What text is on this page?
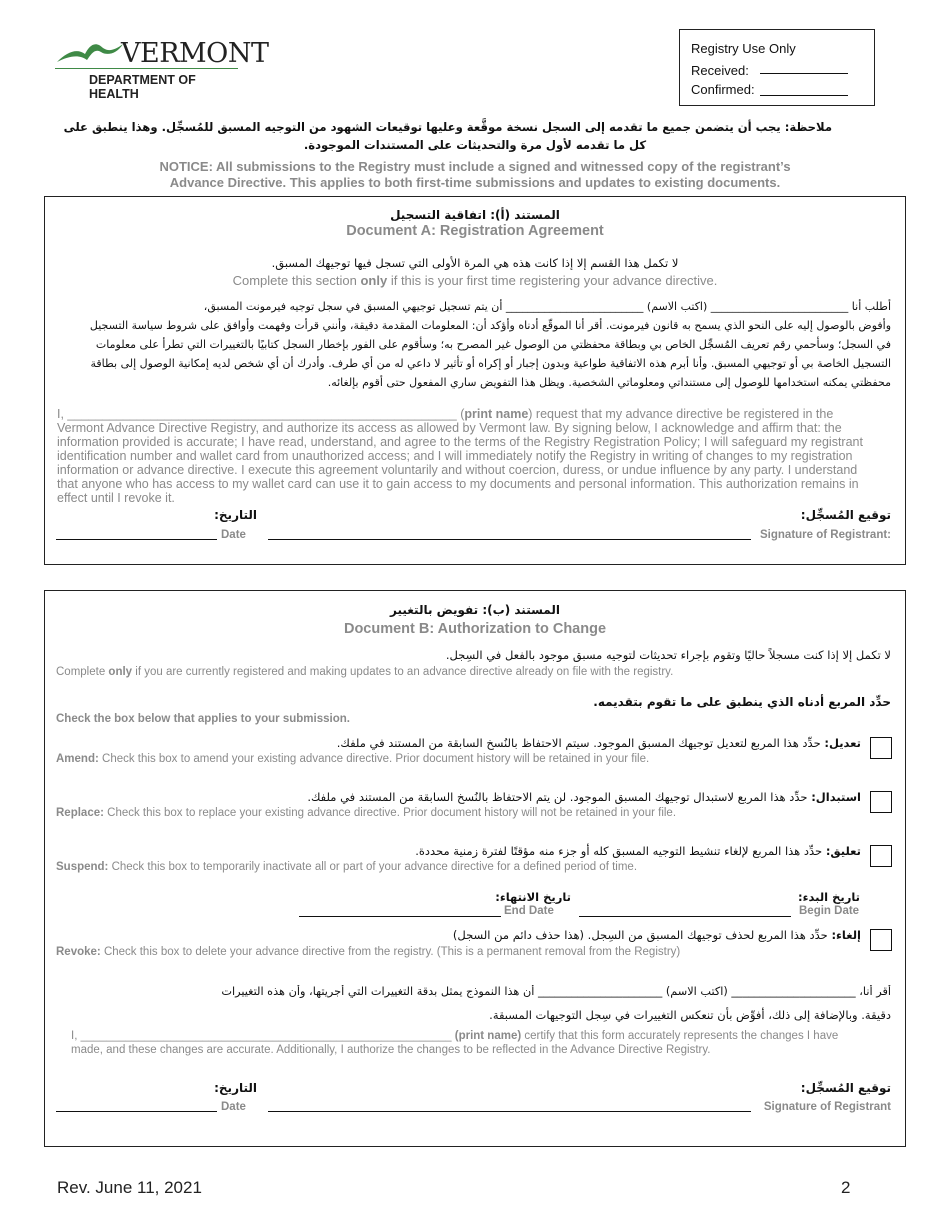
VERMONT
DEPARTMENT OF HEALTH
Registry Use Only
Received:
Confirmed:
ملاحظة: يجب أن يتضمن جميع ما تقدمه إلى السجل نسخة موقَّعة وعليها توقيعات الشهود من التوجيه المسبق للمُسجِّل. وهذا ينطبق على
كل ما تقدمه لأول مرة والتحديثات على المستندات الموجودة.
NOTICE: All submissions to the Registry must include a signed and witnessed copy of the registrant’s
Advance Directive. This applies to both first-time submissions and updates to existing documents.
المستند (أ): اتفاقية التسجيل
Document A: Registration Agreement
لا تكمل هذا القسم إلا إذا كانت هذه هي المرة الأولى التي تسجل فيها توجيهك المسبق.
Complete this section only if this is your first time registering your advance directive.
أطلب أنا _________________________ (اكتب الاسم) _________________________ أن يتم تسجيل توجيهي المسبق في سجل توجيه فيرمونت المسبق،
وأفوض بالوصول إليه على النحو الذي يسمح به قانون فيرمونت. أقر أنا الموقّع أدناه وأؤكد أن: المعلومات المقدمة دقيقة، وأنني قرأت وفهمت وأوافق على شروط سياسة التسجيل
في السجل؛ وسأحمي رقم تعريف المُسجِّل الخاص بي وبطاقة محفظتي من الوصول غير المصرح به؛ وسأقوم على الفور بإخطار السجل كتابيًا بالتغييرات التي تطرأ على معلومات
التسجيل الخاصة بي أو توجيهي المسبق. وأنا أبرم هذه الاتفاقية طواعية وبدون إجبار أو إكراه أو تأثير لا داعي له من أي طرف. وأدرك أن أي شخص لديه إمكانية الوصول إلى بطاقة
محفظتي يمكنه استخدامها للوصول إلى مستنداتي ومعلوماتي الشخصية. ويظل هذا التفويض ساري المفعول حتى أقوم بإلغائه.
I, ________________________________________________________ (print name) request that my advance directive be registered in the Vermont Advance Directive Registry, and authorize its access as allowed by Vermont law. By signing below, I acknowledge and affirm that: the information provided is accurate; I have read, understand, and agree to the terms of the Registry Registration Policy; I will safeguard my registrant identification number and wallet card from unauthorized access; and I will immediately notify the Registry in writing of changes to my registration information or advance directive. I execute this agreement voluntarily and without coercion, duress, or undue influence by any party. I understand that anyone who has access to my wallet card can use it to gain access to my documents and personal information. This authorization remains in effect until I revoke it.
التاريخ:
Date
توقيع المُسجِّل:
Signature of Registrant:
المستند (ب): تفويض بالتغيير
Document B: Authorization to Change
لا تكمل إلا إذا كنت مسجلاً حاليًا وتقوم بإجراء تحديثات لتوجيه مسبق موجود بالفعل في السِجل.
Complete only if you are currently registered and making updates to an advance directive already on file with the registry.
حدِّد المربع أدناه الذي ينطبق على ما تقوم بتقديمه.
Check the box below that applies to your submission.
تعديل: حدِّد هذا المربع لتعديل توجيهك المسبق الموجود. سيتم الاحتفاظ بالنُسخ السابقة من المستند في ملفك.
Amend: Check this box to amend your existing advance directive. Prior document history will be retained in your file.
استبدال: حدِّد هذا المربع لاستبدال توجيهك المسبق الموجود. لن يتم الاحتفاظ بالنُسخ السابقة من المستند في ملفك.
Replace: Check this box to replace your existing advance directive. Prior document history will not be retained in your file.
تعليق: حدِّد هذا المربع لإلغاء تنشيط التوجيه المسبق كله أو جزء منه مؤقتًا لفترة زمنية محددة.
Suspend: Check this box to temporarily inactivate all or part of your advance directive for a defined period of time.
تاريخ الانتهاء:
End Date
تاريخ البدء:
Begin Date
إلغاء: حدِّد هذا المربع لحذف توجيهك المسبق من السِجل. (هذا حذف دائم من السجل)
Revoke: Check this box to delete your advance directive from the registry. (This is a permanent removal from the Registry)
أقر أنا، ______________________ (اكتب الاسم) ______________________ أن هذا النموذج يمثل بدقة التغييرات التي أجريتها، وأن هذه التغييرات
دقيقة. وبالإضافة إلى ذلك، أفوِّض بأن تنعكس التغييرات في سِجل التوجيهات المسبقة.
I, __________________________________________________________ (print name) certify that this form accurately represents the changes I have made, and these changes are accurate. Additionally, I authorize the changes to be reflected in the Advance Directive Registry.
التاريخ:
Date
توقيع المُسجِّل:
Signature of Registrant
Rev. June 11, 2021	2
